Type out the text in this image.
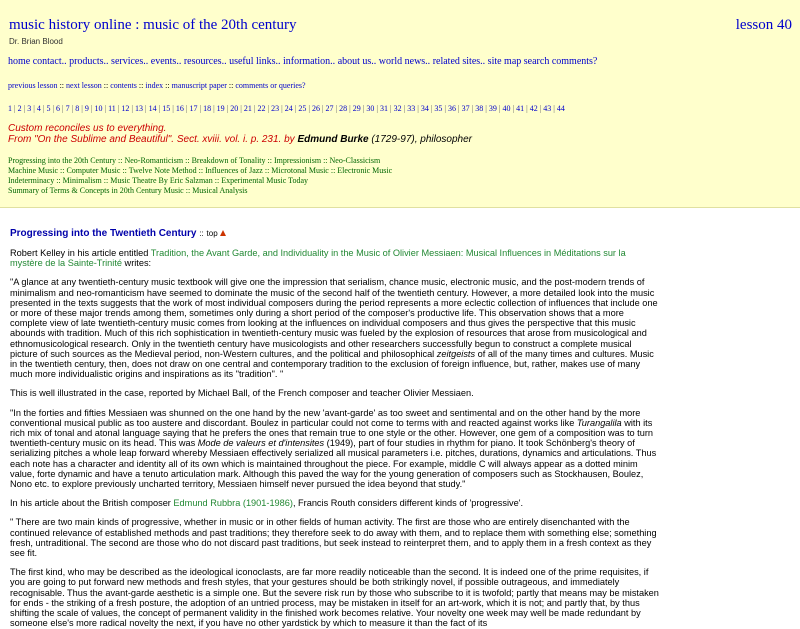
music history online : music of the 20th century	lesson 40
Dr. Brian Blood
home contact.. products.. services.. events.. resources.. useful links.. information.. about us.. world news.. related sites.. site map search comments?
previous lesson :: next lesson :: contents :: index :: manuscript paper :: comments or queries?
1 | 2 | 3 | 4 | 5 | 6 | 7 | 8 | 9 | 10 | 11 | 12 | 13 | 14 | 15 | 16 | 17 | 18 | 19 | 20 | 21 | 22 | 23 | 24 | 25 | 26 | 27 | 28 | 29 | 30 | 31 | 32 | 33 | 34 | 35 | 36 | 37 | 38 | 39 | 40 | 41 | 42 | 43 | 44
Custom reconciles us to everything.
From "On the Sublime and Beautiful". Sect. xviii. vol. i. p. 231. by Edmund Burke (1729-97), philosopher
Progressing into the 20th Century :: Neo-Romanticism :: Breakdown of Tonality :: Impressionism :: Neo-Classicism
Machine Music :: Computer Music :: Twelve Note Method :: Influences of Jazz :: Microtonal Music :: Electronic Music
Indeterminacy :: Minimalism :: Music Theatre By Eric Salzman :: Experimental Music Today
Summary of Terms & Concepts in 20th Century Music :: Musical Analysis
Progressing into the Twentieth Century :: top

Robert Kelley in his article entitled Tradition, the Avant Garde, and Individuality in the Music of Olivier Messiaen: Musical Influences in Méditations sur la mystère de la Sainte-Trinité writes:

"A glance at any twentieth-century music textbook will give one the impression that serialism, chance music, electronic music, and the post-modern trends of minimalism and neo-romanticism have seemed to dominate the music of the second half of the twentieth century. However, a more detailed look into the music presented in the texts suggests that the work of most individual composers during the period represents a more eclectic collection of influences that include one or more of these major trends among them, sometimes only during a short period of the composer's productive life. This observation shows that a more complete view of late twentieth-century music comes from looking at the influences on individual composers and thus gives the perspective that this music abounds with tradition. Much of this rich sophistication in twentieth-century music was fueled by the explosion of resources that arose from musicological and ethnomusicological research. Only in the twentieth century have musicologists and other researchers successfully begun to construct a complete musical picture of such sources as the Medieval period, non-Western cultures, and the political and philosophical zeitgeists of all of the many times and cultures. Music in the twentieth century, then, does not draw on one central and contemporary tradition to the exclusion of foreign influence, but, rather, makes use of many much more individualistic origins and inspirations as its "tradition". "

This is well illustrated in the case, reported by Michael Ball, of the French composer and teacher Olivier Messiaen.

"In the forties and fifties Messiaen was shunned on the one hand by the new 'avant-garde' as too sweet and sentimental and on the other hand by the more conventional musical public as too austere and discordant. Boulez in particular could not come to terms with and reacted against works like Turangalila with its rich mix of tonal and atonal language saying that he prefers the ones that remain true to one style or the other. However, one gem of a composition was to turn twentieth-century music on its head. This was Mode de valeurs et d'intensites (1949), part of four studies in rhythm for piano. It took Schönberg's theory of serializing pitches a whole leap forward whereby Messiaen effectively serialized all musical parameters i.e. pitches, durations, dynamics and articulations. Thus each note has a character and identity all of its own which is maintained throughout the piece. For example, middle C will always appear as a dotted minim value, forte dynamic and have a tenuto articulation mark. Although this paved the way for the young generation of composers such as Stockhausen, Boulez, Nono etc. to explore previously uncharted territory, Messiaen himself never pursued the idea beyond that study."

In his article about the British composer Edmund Rubbra (1901-1986), Francis Routh considers different kinds of 'progressive'.

" There are two main kinds of progressive, whether in music or in other fields of human activity. The first are those who are entirely disenchanted with the continued relevance of established methods and past traditions; they therefore seek to do away with them, and to replace them with something else; something fresh, untraditional. The second are those who do not discard past traditions, but seek instead to reinterpret them, and to apply them in a fresh context as they see fit.

The first kind, who may be described as the ideological iconoclasts, are far more readily noticeable than the second. It is indeed one of the prime requisites, if you are going to put forward new methods and fresh styles, that your gestures should be both strikingly novel, if possible outrageous, and immediately recognisable. Thus the avant-garde aesthetic is a simple one. But the severe risk run by those who subscribe to it is twofold; partly that means may be mistaken for ends - the striking of a fresh posture, the adoption of an untried process, may be mistaken in itself for an art-work, which it is not; and partly that, by thus shifting the scale of values, the concept of permanent validity in the finished work becomes relative. Your novelty one week may well be made redundant by someone else's more radical novelty the next, if you have no other yardstick by which to measure it than the fact of its
